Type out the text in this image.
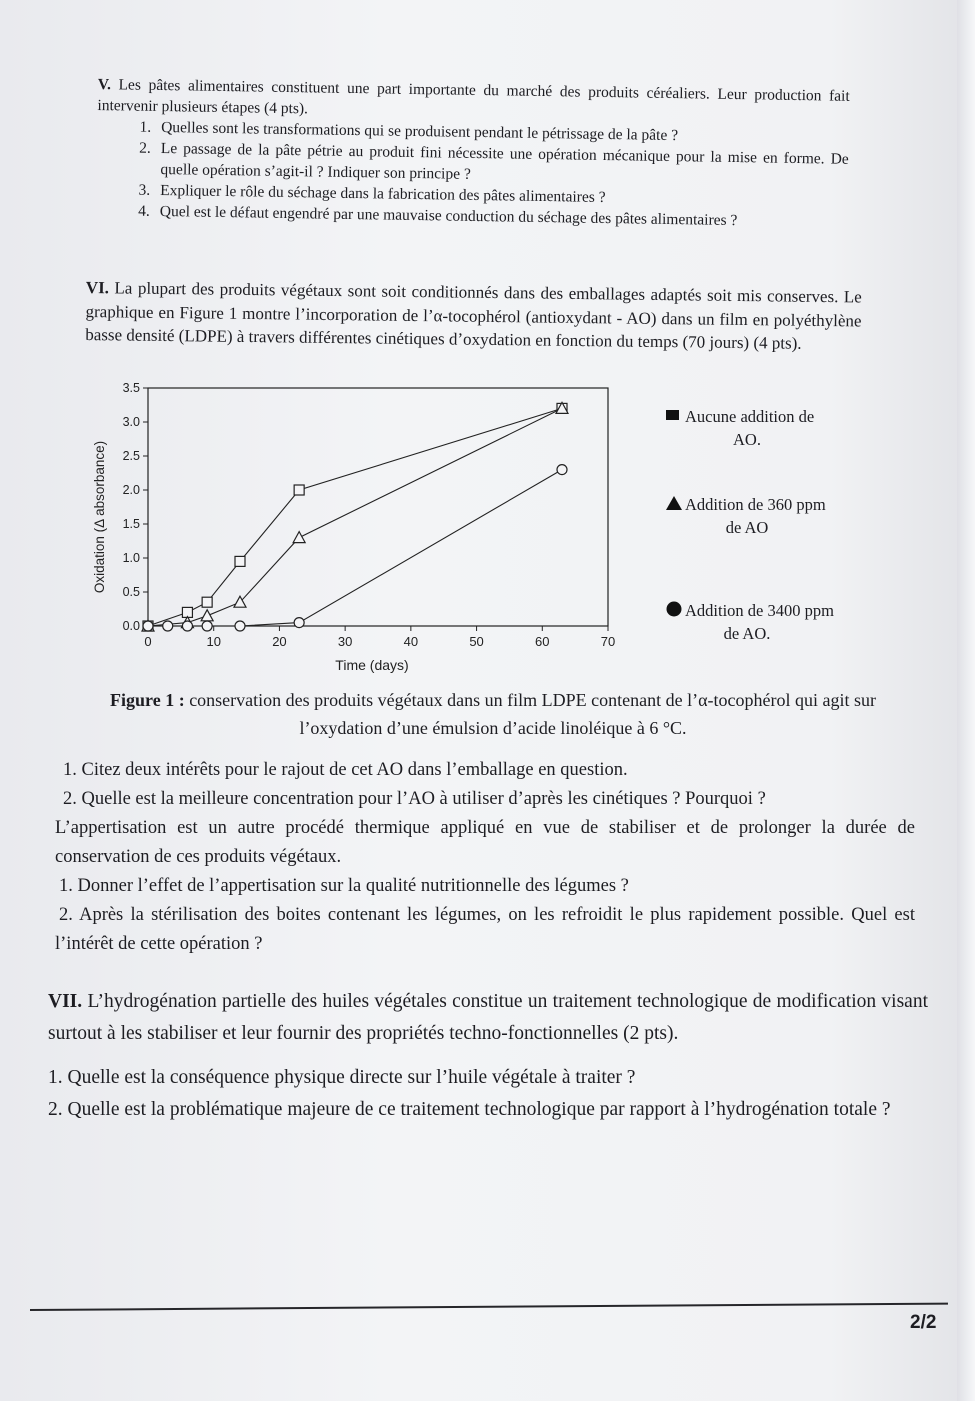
V. Les pâtes alimentaires constituent une part importante du marché des produits céréaliers. Leur production fait intervenir plusieurs étapes (4 pts).
1. Quelles sont les transformations qui se produisent pendant le pétrissage de la pâte ?
2. Le passage de la pâte pétrie au produit fini nécessite une opération mécanique pour la mise en forme. De quelle opération s’agit-il ? Indiquer son principe ?
3. Expliquer le rôle du séchage dans la fabrication des pâtes alimentaires ?
4. Quel est le défaut engendré par une mauvaise conduction du séchage des pâtes alimentaires ?
VI. La plupart des produits végétaux sont soit conditionnés dans des emballages adaptés soit mis conserves. Le graphique en Figure 1 montre l’incorporation de l’α-tocophérol (antioxydant - AO) dans un film en polyéthylène basse densité (LDPE) à travers différentes cinétiques d’oxydation en fonction du temps (70 jours) (4 pts).
0.0
0.5
1.0
1.5
2.0
2.5
3.0
3.5
0	10	20	30	40	50	60	70
Time (days)
Oxidation (Δ absorbance)
Aucune addition de
AO.
Addition de 360 ppm
de AO
Addition de 3400 ppm
de AO.
Figure 1 : conservation des produits végétaux dans un film LDPE contenant de l’α-tocophérol qui agit sur l’oxydation d’une émulsion d’acide linoléique à 6 °C.
1. Citez deux intérêts pour le rajout de cet AO dans l’emballage en question.
2. Quelle est la meilleure concentration pour l’AO à utiliser d’après les cinétiques ? Pourquoi ?
L’appertisation est un autre procédé thermique appliqué en vue de stabiliser et de prolonger la durée de conservation de ces produits végétaux.
1. Donner l’effet de l’appertisation sur la qualité nutritionnelle des légumes ?
2. Après la stérilisation des boites contenant les légumes, on les refroidit le plus rapidement possible. Quel est l’intérêt de cette opération ?
VII. L’hydrogénation partielle des huiles végétales constitue un traitement technologique de modification visant surtout à les stabiliser et leur fournir des propriétés techno-fonctionnelles (2 pts).
1. Quelle est la conséquence physique directe sur l’huile végétale à traiter ?
2. Quelle est la problématique majeure de ce traitement technologique par rapport à l’hydrogénation totale ?
2/2
